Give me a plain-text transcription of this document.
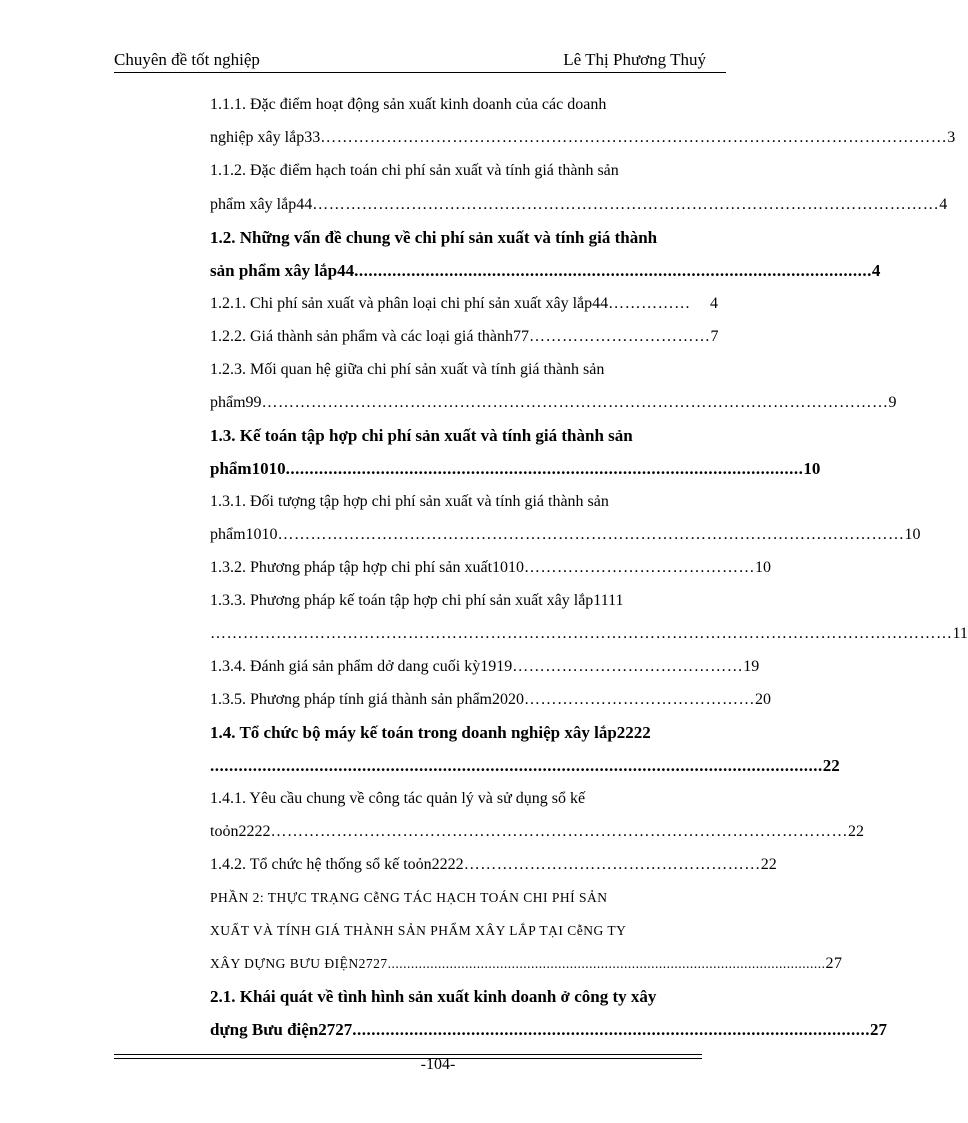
Chuyên đề tốt nghiệp	Lê Thị Phương Thuý
1.1.1. Đặc điểm hoạt động sản xuất kinh doanh của các doanh
nghiệp xây lắp33 …………………………………………………………………………………………………… 3
1.1.2. Đặc điểm hạch toán chi phí sản xuất và tính giá thành sản
phẩm xây lắp44 …………………………………………………………………………………………………… 4
1.2. Những vấn đề chung về chi phí sản xuất và tính giá thành
sản phẩm xây lắp44 ............................................................................................................. 4
1.2.1. Chi phí sản xuất và phân loại chi phí sản xuất xây lắp44 ……………	4
1.2.2. Giá thành sản phẩm và các loại giá thành77 …………………………… 7
1.2.3. Mối quan hệ giữa chi phí sản xuất và tính giá thành sản
phẩm99 …………………………………………………………………………………………………… 9
1.3. Kế toán tập hợp chi phí sản xuất và tính giá thành sản
phẩm1010 ............................................................................................................. 10
1.3.1. Đối tượng tập hợp chi phí sản xuất và tính giá thành sản
phẩm1010 …………………………………………………………………………………………………… 10
1.3.2. Phương pháp tập hợp chi phí sản xuất1010 …………………………………… 10
1.3.3. Phương pháp kế toán tập hợp chi phí sản xuất xây lắp1111
……………………………………………………………………………………………………………………… 11
1.3.4. Đánh giá sản phẩm dở dang cuối kỳ1919 …………………………………… 19
1.3.5. Phương pháp tính giá thành sản phẩm2020 …………………………………… 20
1.4. Tổ chức bộ máy kế toán trong doanh nghiệp xây lắp2222
................................................................................................................................. 22
1.4.1. Yêu cầu chung về công tác quản lý và sử dụng sổ kế
toỏn2222 …………………………………………………………………………………………… 22
1.4.2. Tổ chức hệ thống sổ kế toỏn2222 ……………………………………………… 22
PHẦN 2: THỰC TRẠNG CễNG TÁC HẠCH TOÁN CHI PHÍ SẢN
XUẤT VÀ TÍNH GIÁ THÀNH SẢN PHẨM XÂY LẮP TẠI CễNG TY
XÂY DỰNG BƯU ĐIỆN2727 ................................................................................................................. 27
2.1. Khái quát về tình hình sản xuất kinh doanh ở công ty xây
dựng Bưu điện2727 ............................................................................................................. 27
-104-
